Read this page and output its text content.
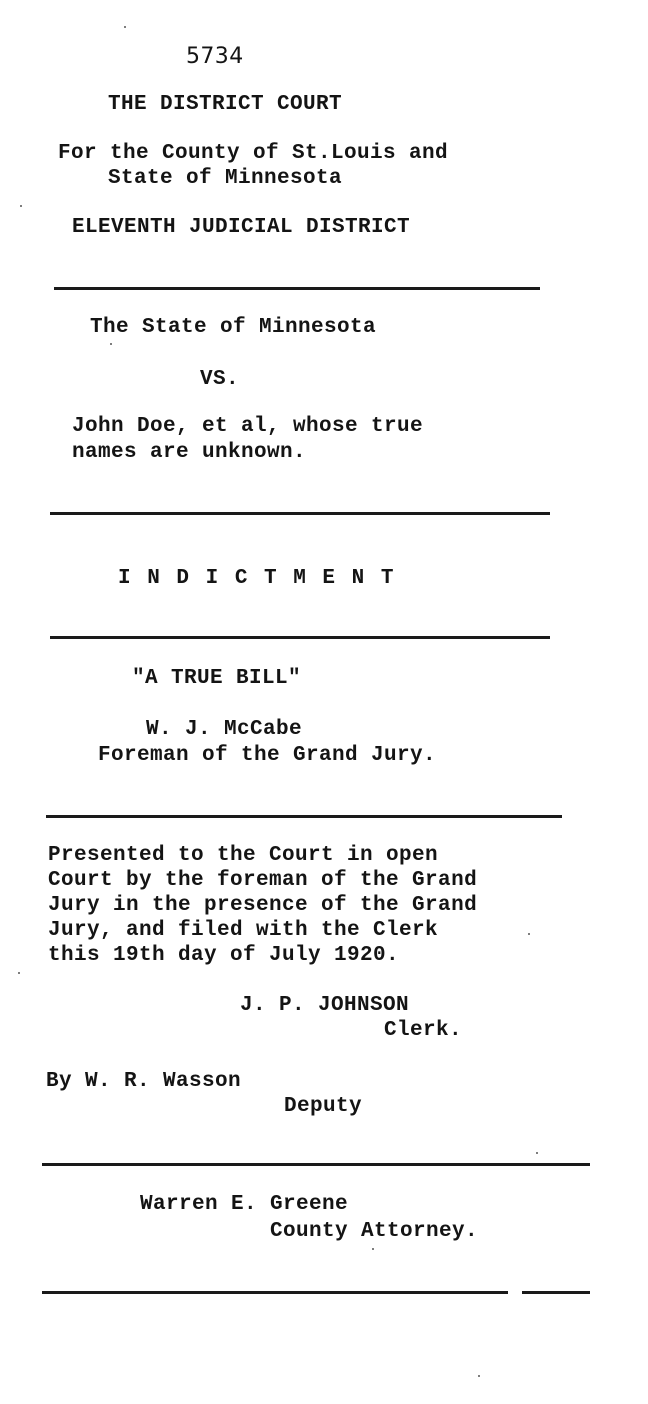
5734
THE DISTRICT COURT
For the County of St.Louis and
State of Minnesota
ELEVENTH JUDICIAL DISTRICT
The State of Minnesota
VS.
John Doe, et al, whose true
names are unknown.
I N D I C T M E N T
"A TRUE BILL"
W. J. McCabe
Foreman of the Grand Jury.
Presented to the Court in open
Court by the foreman of the Grand
Jury in the presence of the Grand
Jury, and filed with the Clerk
this 19th day of July 1920.
J. P. JOHNSON
Clerk.
By W. R. Wasson
Deputy
Warren E. Greene
County Attorney.
